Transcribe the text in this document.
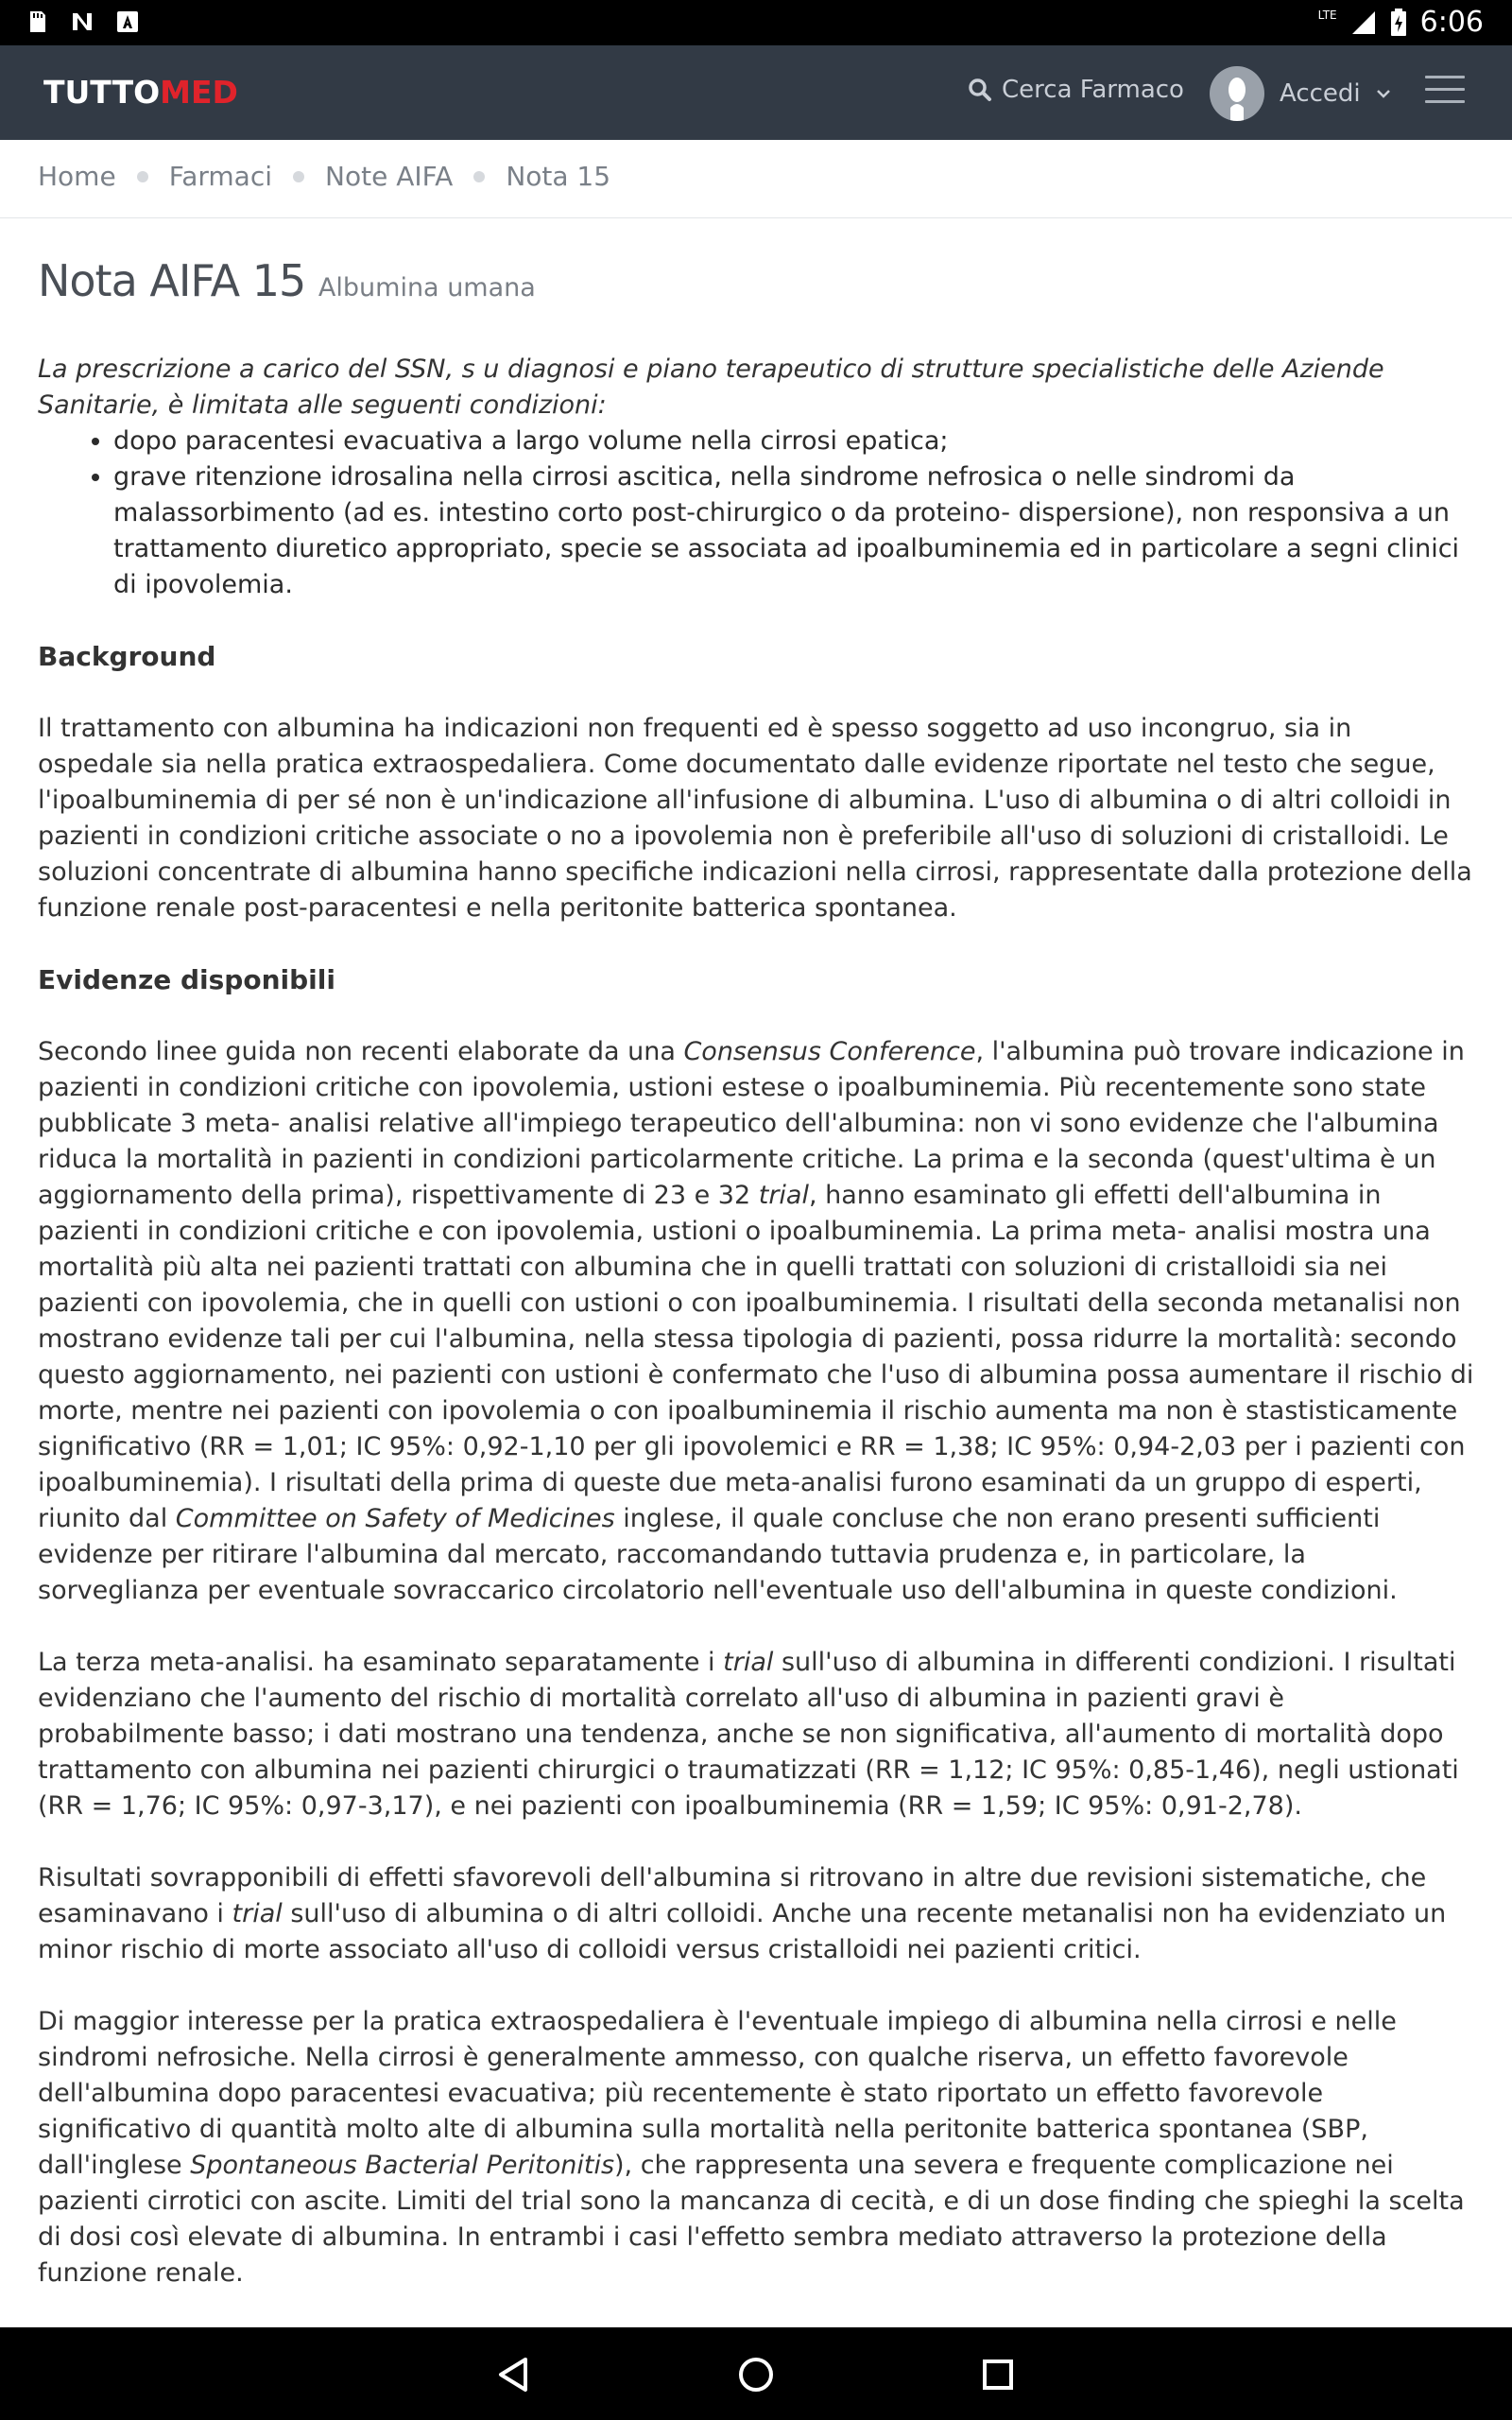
LTE	6:06
TUTTOMED	Cerca Farmaco	Accedi
Home Farmaci Note AIFA Nota 15
Nota AIFA 15 Albumina umana

La prescrizione a carico del SSN, s u diagnosi e piano terapeutico di strutture specialistiche delle Aziende Sanitarie, è limitata alle seguenti condizioni:

• dopo paracentesi evacuativa a largo volume nella cirrosi epatica;
• grave ritenzione idrosalina nella cirrosi ascitica, nella sindrome nefrosica o nelle sindromi da malassorbimento (ad es. intestino corto post-chirurgico o da proteino- dispersione), non responsiva a un trattamento diuretico appropriato, specie se associata ad ipoalbuminemia ed in particolare a segni clinici di ipovolemia.
Background

Il trattamento con albumina ha indicazioni non frequenti ed è spesso soggetto ad uso incongruo, sia in ospedale sia nella pratica extraospedaliera. Come documentato dalle evidenze riportate nel testo che segue, l'ipoalbuminemia di per sé non è un'indicazione all'infusione di albumina. L'uso di albumina o di altri colloidi in pazienti in condizioni critiche associate o no a ipovolemia non è preferibile all'uso di soluzioni di cristalloidi. Le soluzioni concentrate di albumina hanno specifiche indicazioni nella cirrosi, rappresentate dalla protezione della funzione renale post-paracentesi e nella peritonite batterica spontanea.

Evidenze disponibili

Secondo linee guida non recenti elaborate da una Consensus Conference, l'albumina può trovare indicazione in pazienti in condizioni critiche con ipovolemia, ustioni estese o ipoalbuminemia. Più recentemente sono state pubblicate 3 meta- analisi relative all'impiego terapeutico dell'albumina: non vi sono evidenze che l'albumina riduca la mortalità in pazienti in condizioni particolarmente critiche. La prima e la seconda (quest'ultima è un aggiornamento della prima), rispettivamente di 23 e 32 trial, hanno esaminato gli effetti dell'albumina in pazienti in condizioni critiche e con ipovolemia, ustioni o ipoalbuminemia. La prima meta- analisi mostra una mortalità più alta nei pazienti trattati con albumina che in quelli trattati con soluzioni di cristalloidi sia nei pazienti con ipovolemia, che in quelli con ustioni o con ipoalbuminemia. I risultati della seconda metanalisi non mostrano evidenze tali per cui l'albumina, nella stessa tipologia di pazienti, possa ridurre la mortalità: secondo questo aggiornamento, nei pazienti con ustioni è confermato che l'uso di albumina possa aumentare il rischio di morte, mentre nei pazienti con ipovolemia o con ipoalbuminemia il rischio aumenta ma non è stastisticamente significativo (RR = 1,01; IC 95%: 0,92-1,10 per gli ipovolemici e RR = 1,38; IC 95%: 0,94-2,03 per i pazienti con ipoalbuminemia). I risultati della prima di queste due meta-analisi furono esaminati da un gruppo di esperti, riunito dal Committee on Safety of Medicines inglese, il quale concluse che non erano presenti sufficienti evidenze per ritirare l'albumina dal mercato, raccomandando tuttavia prudenza e, in particolare, la sorveglianza per eventuale sovraccarico circolatorio nell'eventuale uso dell'albumina in queste condizioni.

La terza meta-analisi. ha esaminato separatamente i trial sull'uso di albumina in differenti condizioni. I risultati evidenziano che l'aumento del rischio di mortalità correlato all'uso di albumina in pazienti gravi è probabilmente basso; i dati mostrano una tendenza, anche se non significativa, all'aumento di mortalità dopo trattamento con albumina nei pazienti chirurgici o traumatizzati (RR = 1,12; IC 95%: 0,85-1,46), negli ustionati (RR = 1,76; IC 95%: 0,97-3,17), e nei pazienti con ipoalbuminemia (RR = 1,59; IC 95%: 0,91-2,78).

Risultati sovrapponibili di effetti sfavorevoli dell'albumina si ritrovano in altre due revisioni sistematiche, che esaminavano i trial sull'uso di albumina o di altri colloidi. Anche una recente metanalisi non ha evidenziato un minor rischio di morte associato all'uso di colloidi versus cristalloidi nei pazienti critici.

Di maggior interesse per la pratica extraospedaliera è l'eventuale impiego di albumina nella cirrosi e nelle sindromi nefrosiche. Nella cirrosi è generalmente ammesso, con qualche riserva, un effetto favorevole dell'albumina dopo paracentesi evacuativa; più recentemente è stato riportato un effetto favorevole significativo di quantità molto alte di albumina sulla mortalità nella peritonite batterica spontanea (SBP, dall'inglese Spontaneous Bacterial Peritonitis), che rappresenta una severa e frequente complicazione nei pazienti cirrotici con ascite. Limiti del trial sono la mancanza di cecità, e di un dose finding che spieghi la scelta di dosi così elevate di albumina. In entrambi i casi l'effetto sembra mediato attraverso la protezione della funzione renale.
